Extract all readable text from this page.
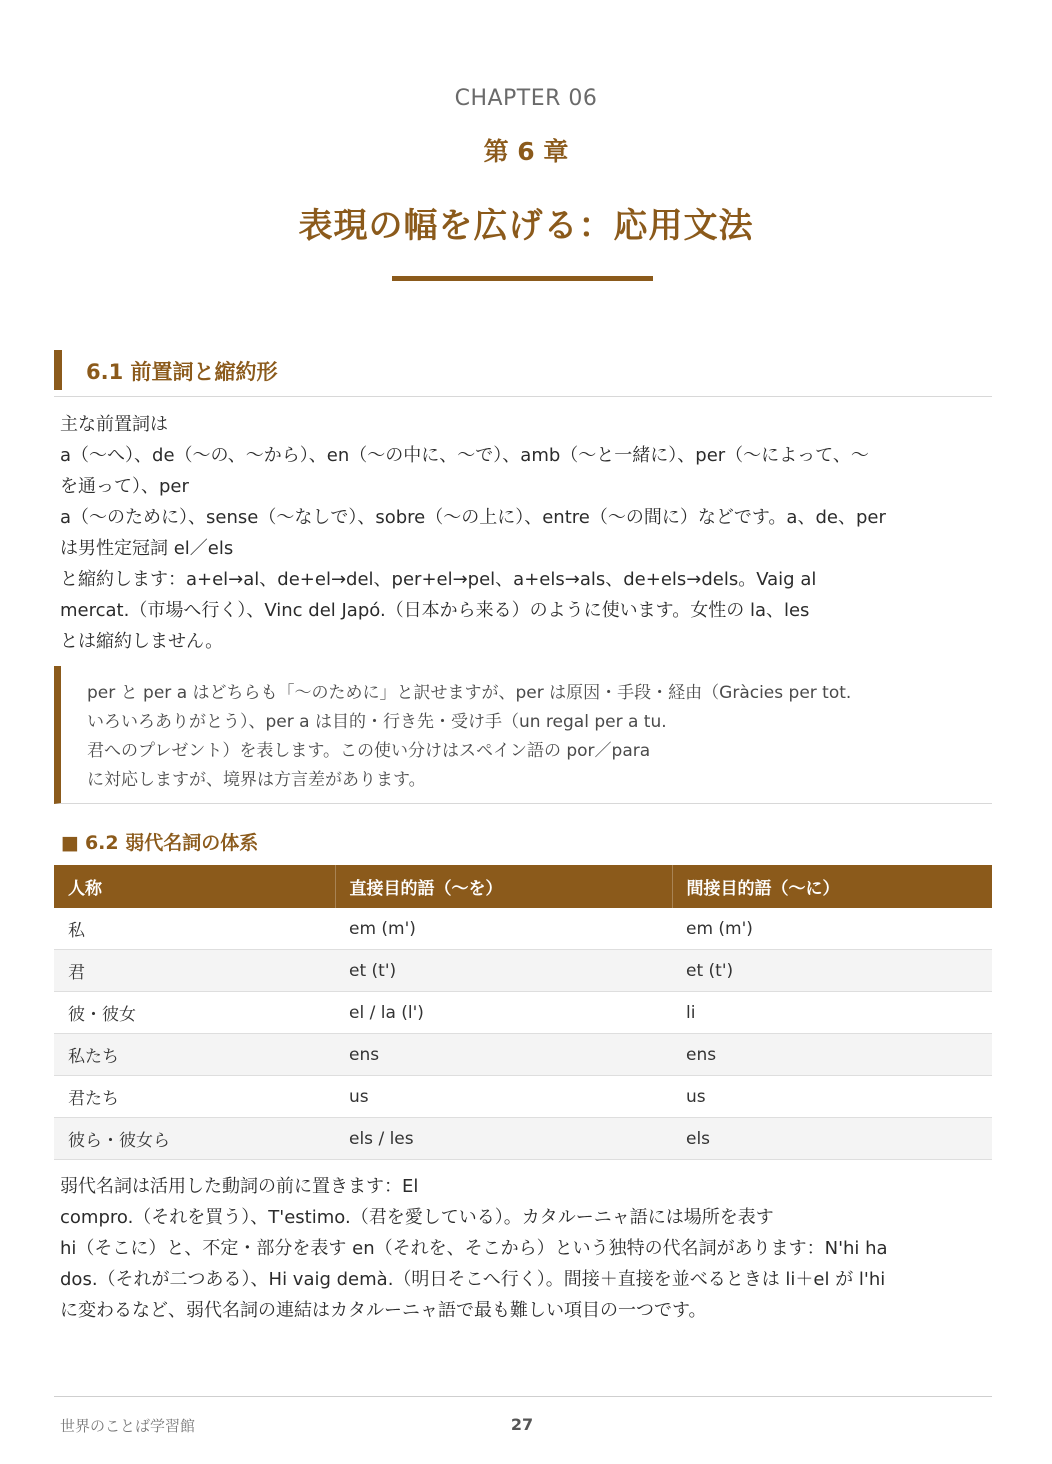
CHAPTER 06
第 6 章
表現の幅を広げる：応用文法
6.1 前置詞と縮約形
主な前置詞は
a（〜へ）、de（〜の、〜から）、en（〜の中に、〜で）、amb（〜と一緒に）、per（〜によって、〜
を通って）、per
a（〜のために）、sense（〜なしで）、sobre（〜の上に）、entre（〜の間に）などです。a、de、per
は男性定冠詞 el／els
と縮約します：a+el→al、de+el→del、per+el→pel、a+els→als、de+els→dels。Vaig al
mercat.（市場へ行く）、Vinc del Japó.（日本から来る）のように使います。女性の la、les
とは縮約しません。
per と per a はどちらも「〜のために」と訳せますが、per は原因・手段・経由（Gràcies per tot.
いろいろありがとう）、per a は目的・行き先・受け手（un regal per a tu.
君へのプレゼント）を表します。この使い分けはスペイン語の por／para
に対応しますが、境界は方言差があります。
■ 6.2 弱代名詞の体系
人称	直接目的語（〜を）	間接目的語（〜に）
私	em (m')	em (m')
君	et (t')	et (t')
彼・彼女	el / la (l')	li
私たち	ens	ens
君たち	us	us
彼ら・彼女ら	els / les	els
弱代名詞は活用した動詞の前に置きます：El
compro.（それを買う）、T'estimo.（君を愛している）。カタルーニャ語には場所を表す
hi（そこに）と、不定・部分を表す en（それを、そこから）という独特の代名詞があります：N'hi ha
dos.（それが二つある）、Hi vaig demà.（明日そこへ行く）。間接＋直接を並べるときは li＋el が l'hi
に変わるなど、弱代名詞の連結はカタルーニャ語で最も難しい項目の一つです。
世界のことば学習館	27
